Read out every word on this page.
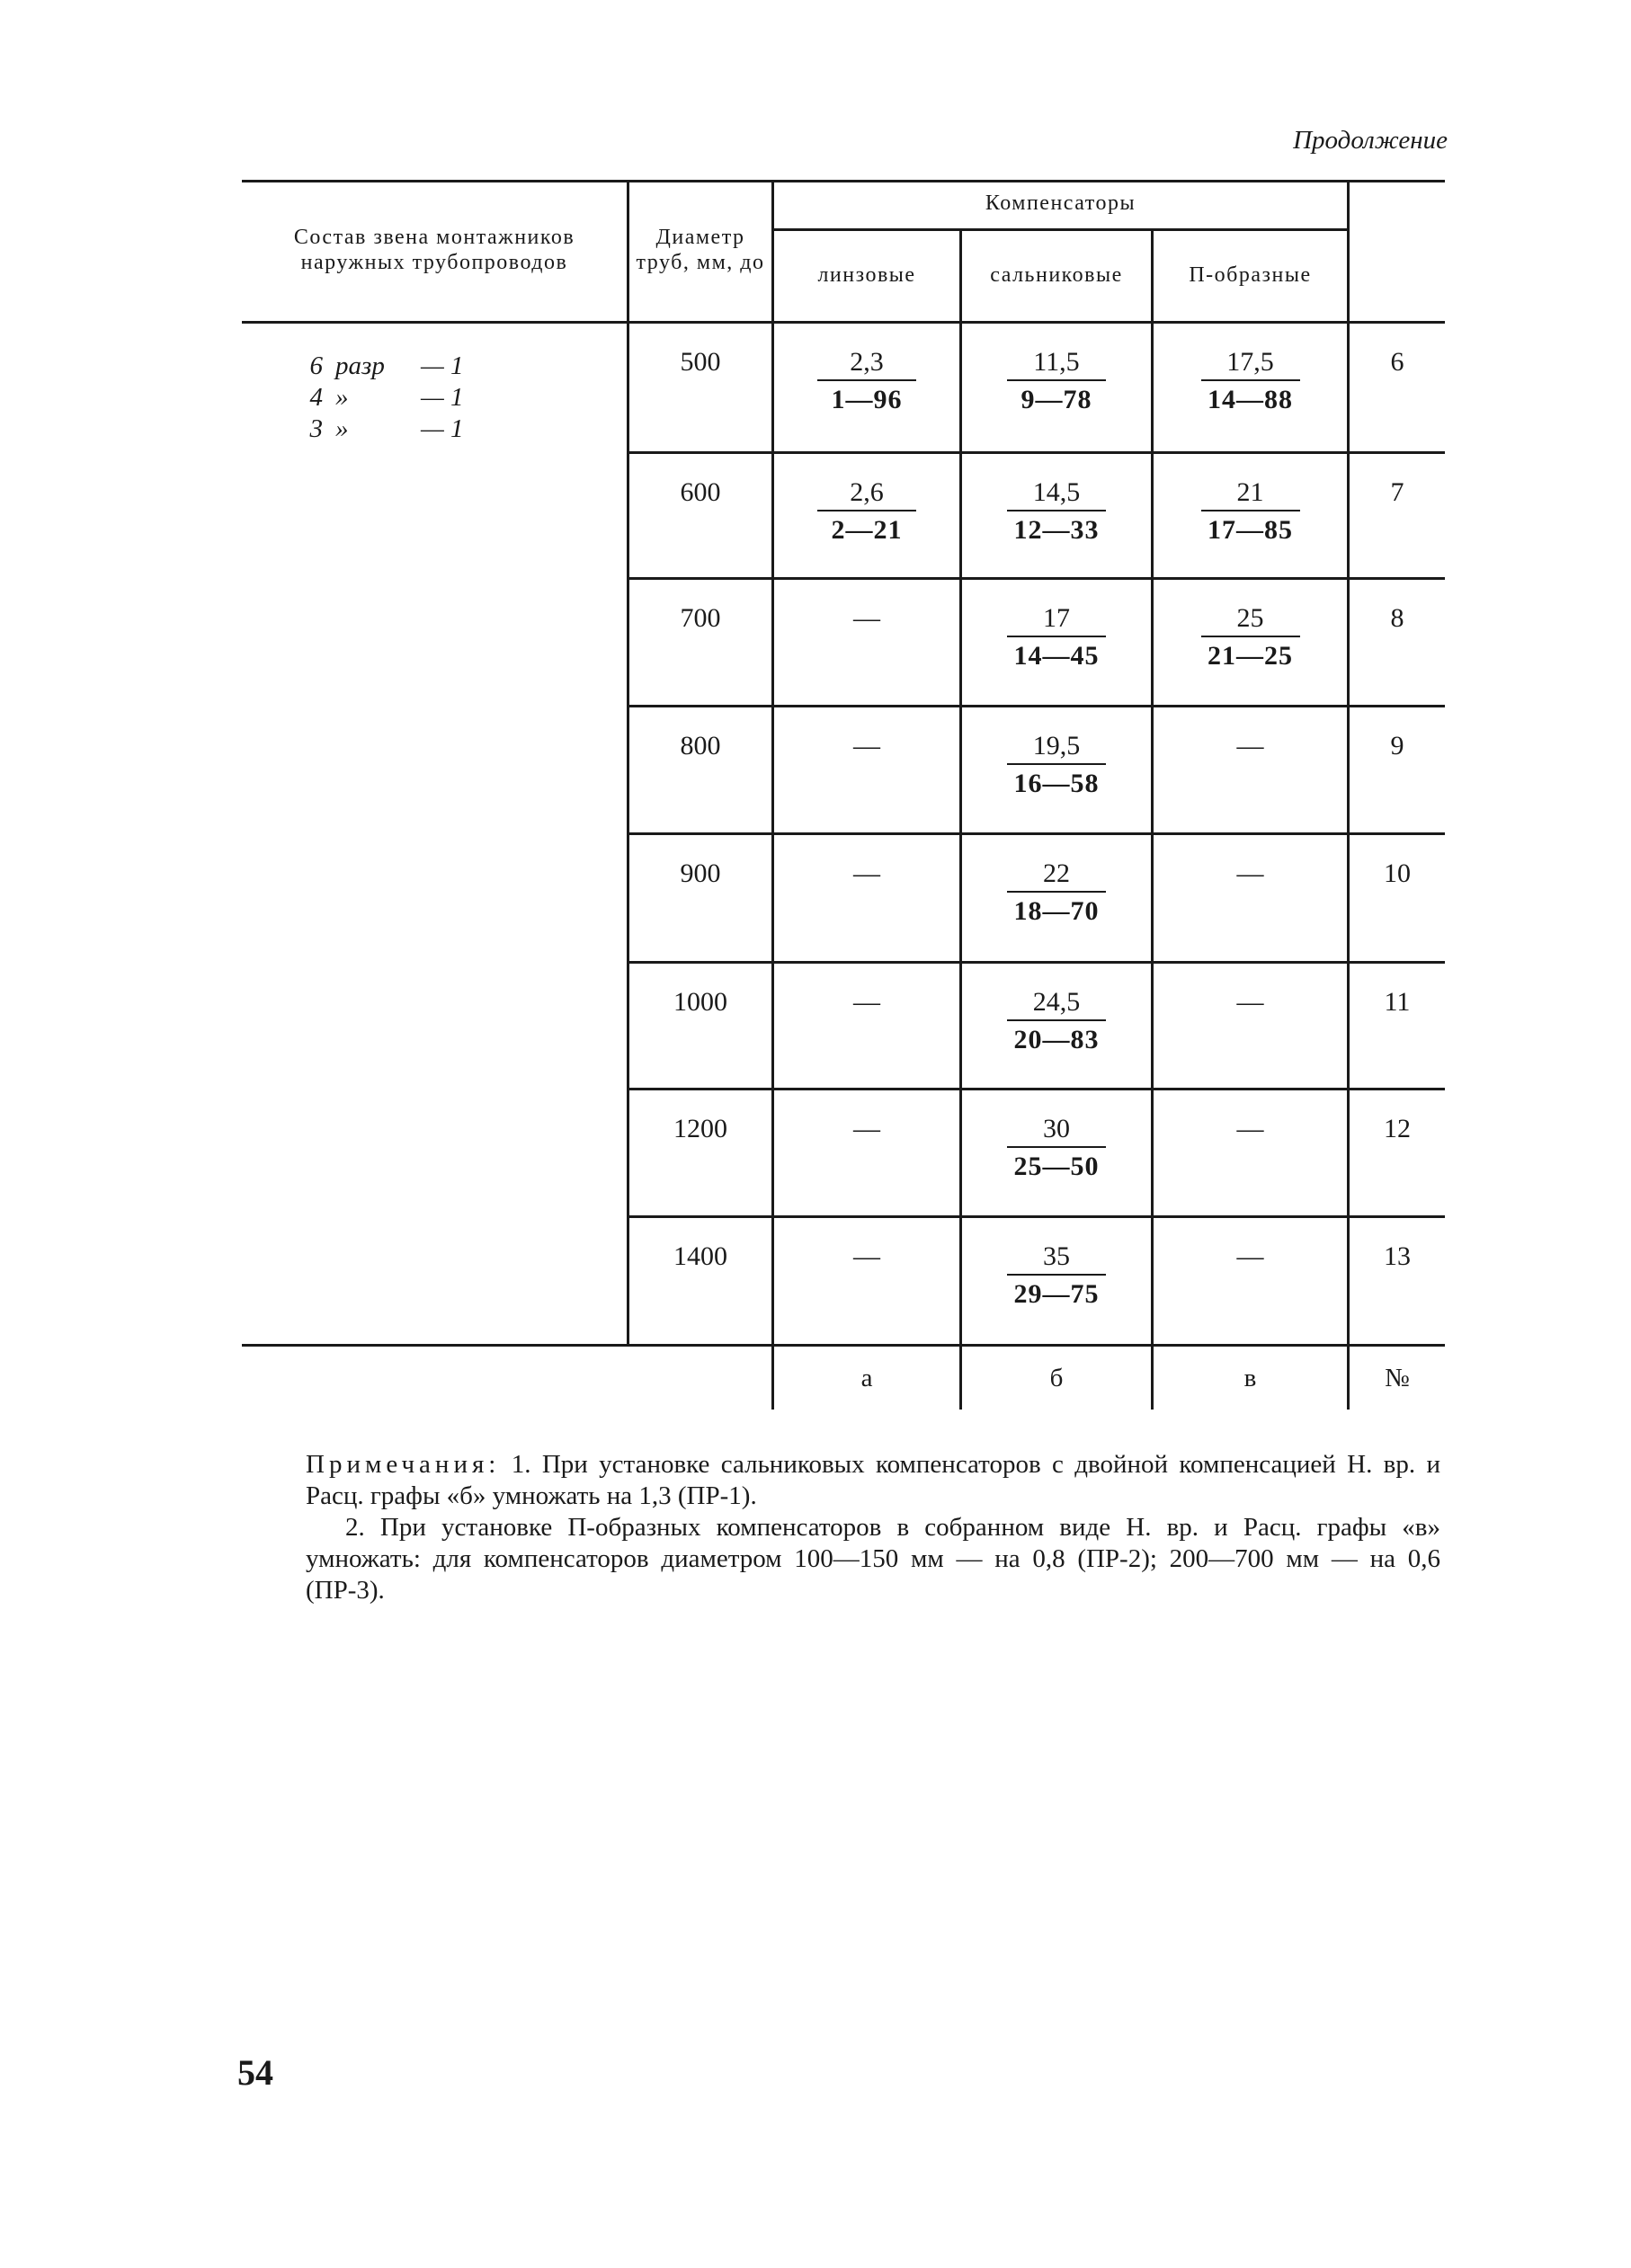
Продолжение
Состав звена монтажников наружных трубопроводов
Диаметр труб, мм, до
Компенсаторы
линзовые	сальниковые	П-образные
6 разр	— 1
4 »	— 1
3 »	— 1
500	$\frac{2,3}{1—96}$	$\frac{11,5}{9—78}$	$\frac{17,5}{14—88}$	6
600	$\frac{2,6}{2—21}$	$\frac{14,5}{12—33}$	$\frac{21}{17—85}$	7
700	—	$\frac{17}{14—45}$	$\frac{25}{21—25}$	8
800	—	$\frac{19,5}{16—58}$	—	9
900	—	$\frac{22}{18—70}$	—	10
1000	—	$\frac{24,5}{20—83}$	—	11
1200	—	$\frac{30}{25—50}$	—	12
1400	—	$\frac{35}{29—75}$	—	13
а	б	в	№

Примечания: 1. При установке сальниковых компенсаторов с двойной компенсацией Н. вр. и Расц. графы «б» умножать на 1,3 (ПР-1).

2. При установке П-образных компенсаторов в собранном виде Н. вр. и Расц. графы «в» умножать: для компенсаторов диаметром 100—150 мм — на 0,8 (ПР-2); 200—700 мм — на 0,6 (ПР-3).

54
